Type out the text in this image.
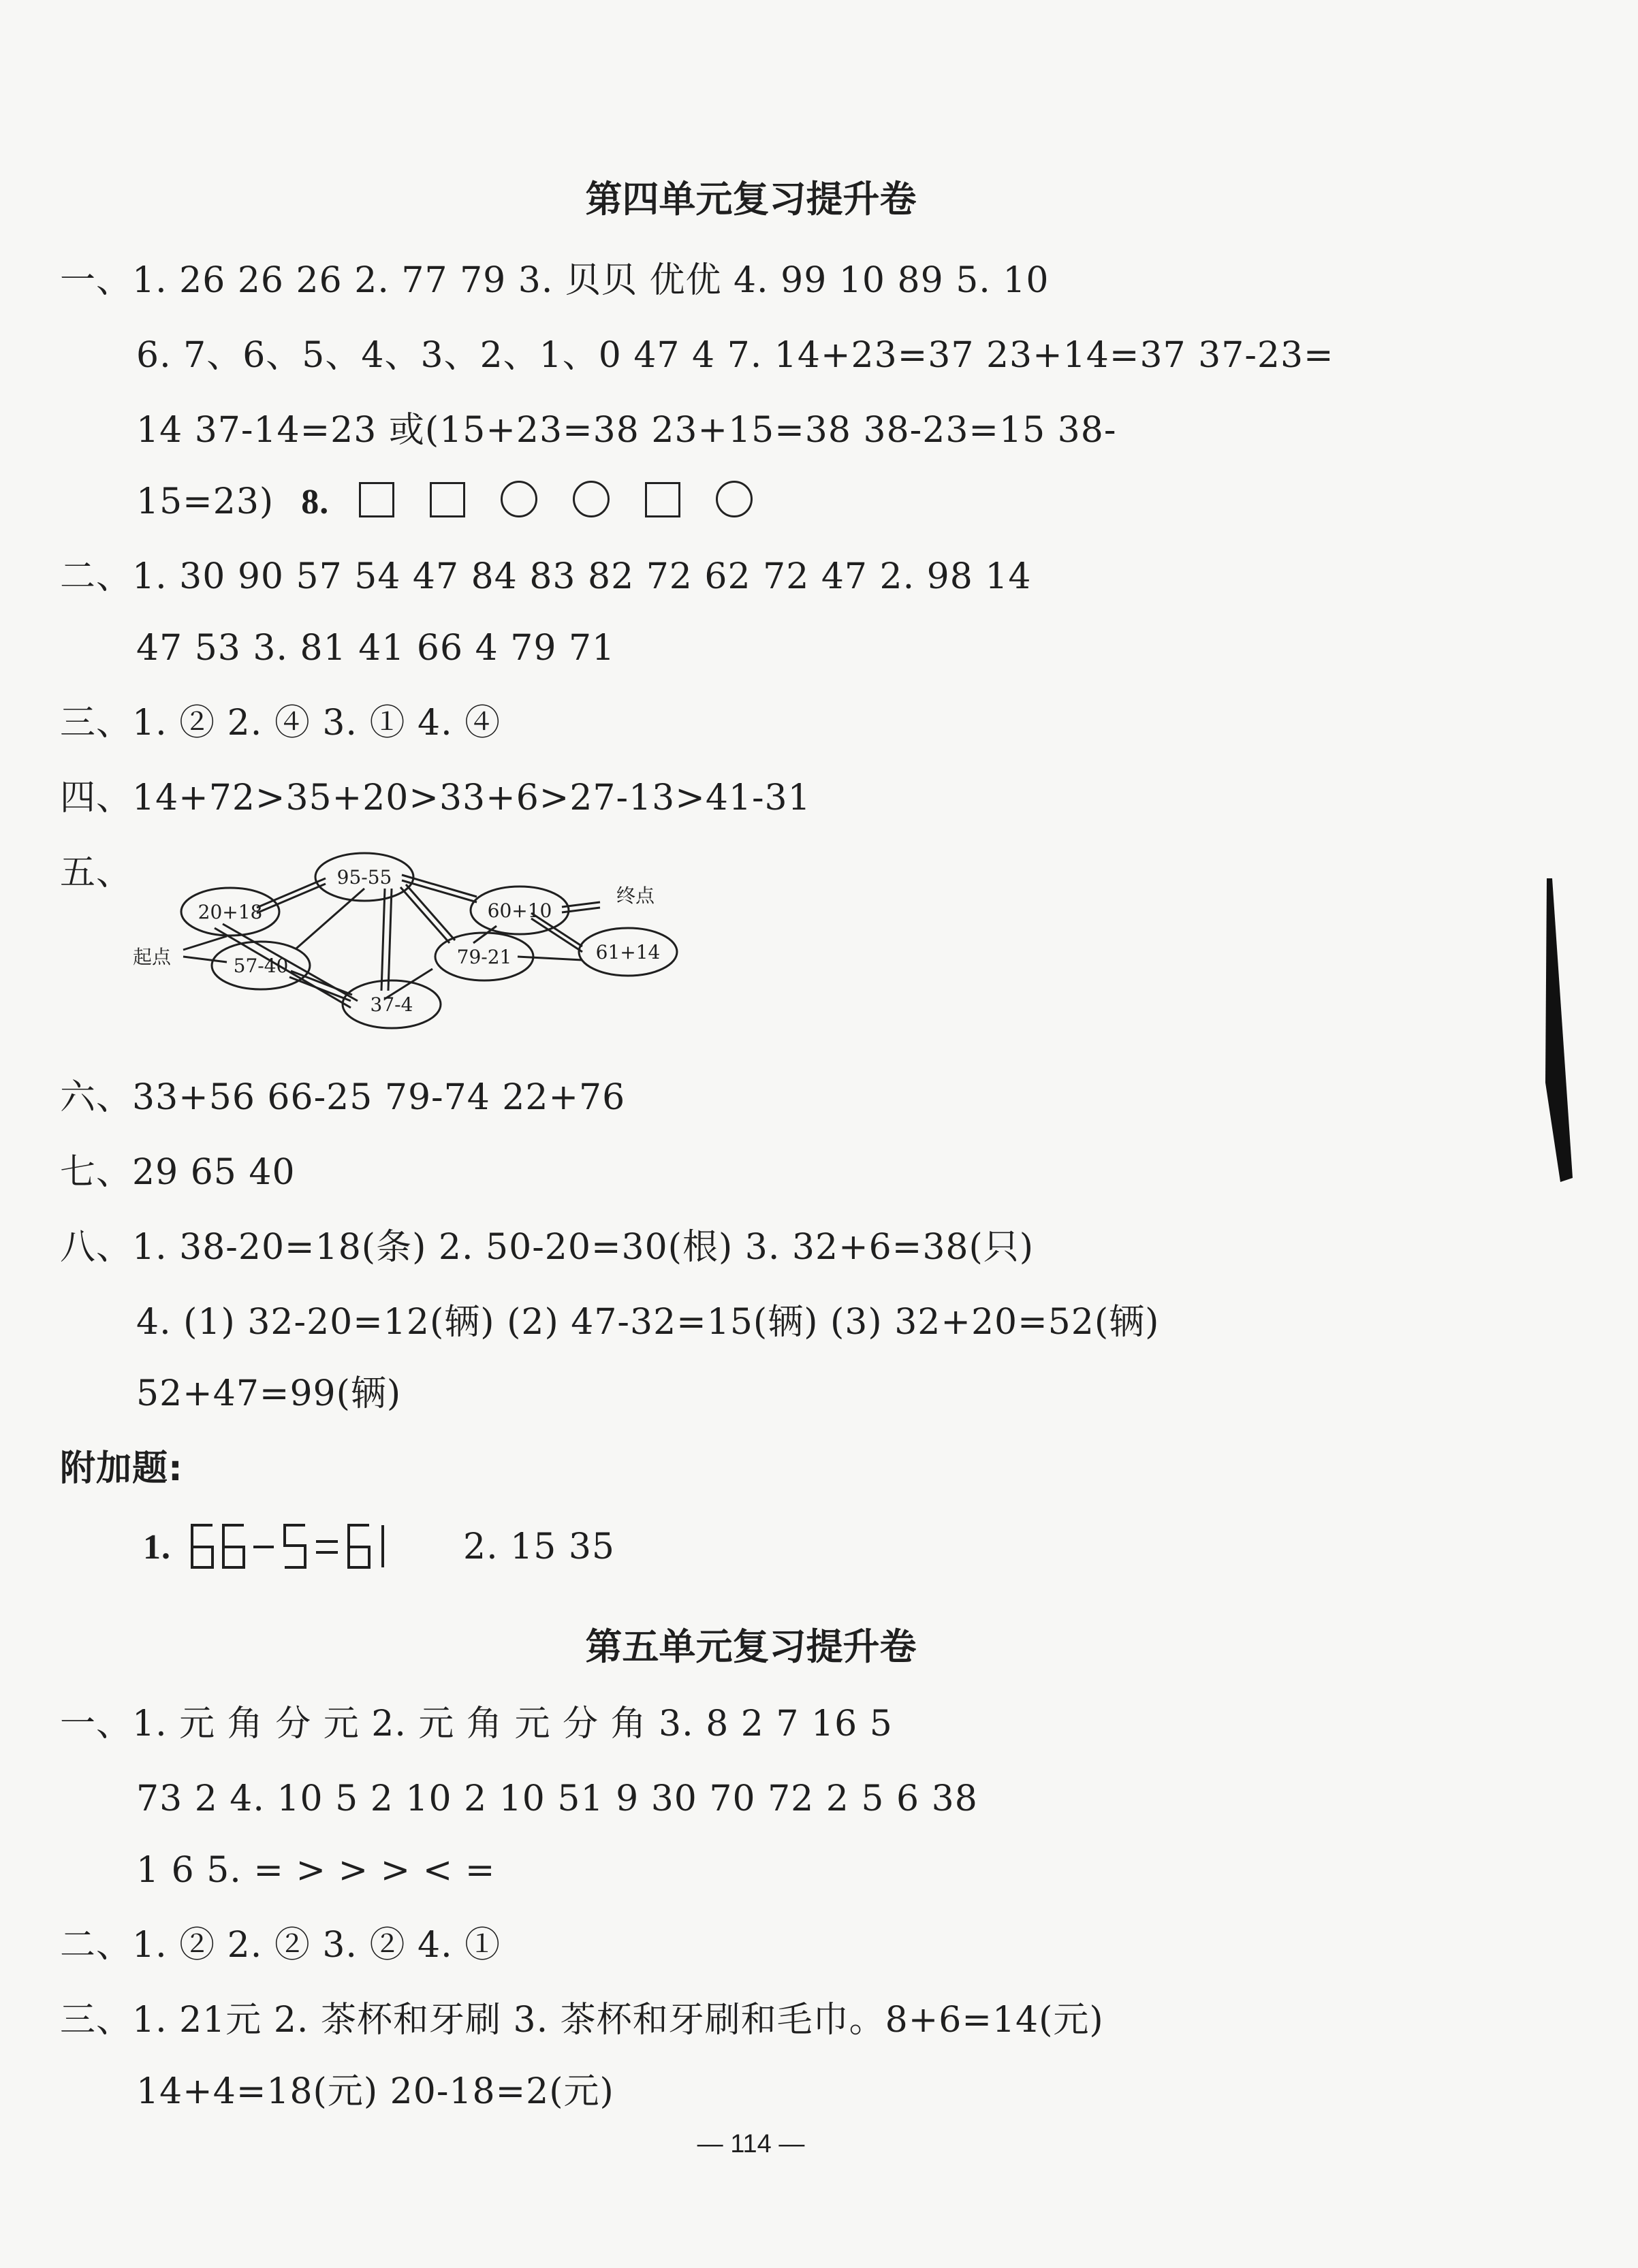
第四单元复习提升卷
一、1. 26 26 26 2. 77 79 3. 贝贝 优优 4. 99 10 89 5. 10
6. 7、6、5、4、3、2、1、0 47 4 7. 14+23=37 23+14=37 37-23=
14 37-14=23 或(15+23=38 23+15=38 38-23=15 38-
15=23) 8.
二、1. 30 90 57 54 47 84 83 82 72 62 72 47 2. 98 14
47 53 3. 81 41 66 4 79 71
三、1. ② 2. ④ 3. ① 4. ④
四、14+72>35+20>33+6>27-13>41-31
五、
起点
终点
20+18
95-55
60+10
57-40	79-21	61+14
37-4
六、33+56 66-25 79-74 22+76
七、29 65 40
八、1. 38-20=18(条) 2. 50-20=30(根) 3. 32+6=38(只)
4. (1) 32-20=12(辆) (2) 47-32=15(辆) (3) 32+20=52(辆)
52+47=99(辆)
附加题:
1.
66-5=61
2. 15 35
第五单元复习提升卷
一、1. 元 角 分 元 2. 元 角 元 分 角 3. 8 2 7 16 5
73 2 4. 10 5 2 10 2 10 51 9 30 70 72 2 5 6 38
1 6 5. = > > > < =
二、1. ② 2. ② 3. ② 4. ①
三、1. 21元 2. 茶杯和牙刷 3. 茶杯和牙刷和毛巾。8+6=14(元)
14+4=18(元) 20-18=2(元)
— 114 —
